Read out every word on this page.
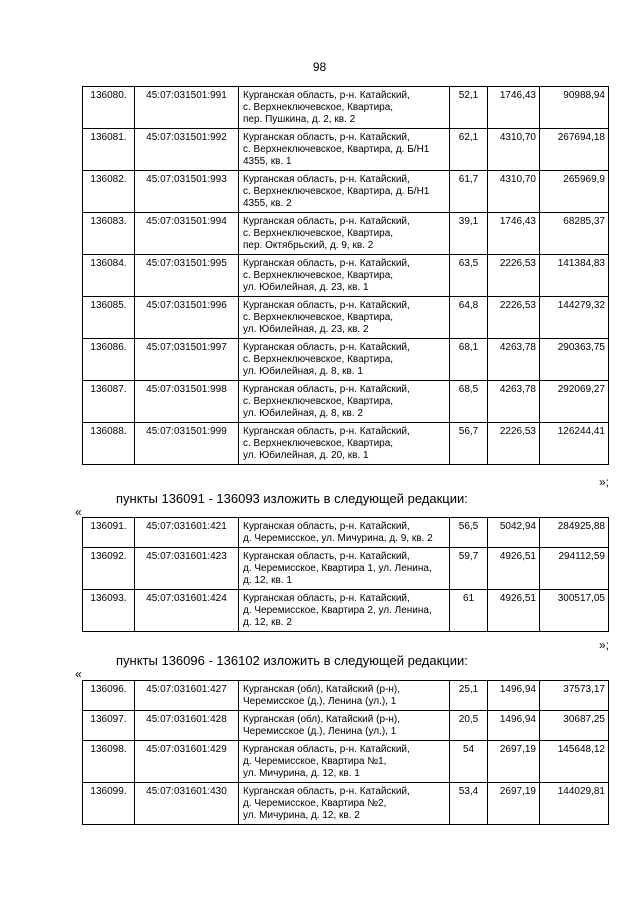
98
136080.	45:07:031501:991	Курганская область, р-н. Катайский,
с. Верхнеключевское, Квартира,
пер. Пушкина, д. 2, кв. 2	52,1	1746,43	90988,94
136081.	45:07:031501:992	Курганская область, р-н. Катайский,
с. Верхнеключевское, Квартира, д. Б/Н1
4355, кв. 1	62,1	4310,70	267694,18
136082.	45:07:031501:993	Курганская область, р-н. Катайский,
с. Верхнеключевское, Квартира, д. Б/Н1
4355, кв. 2	61,7	4310,70	265969,9
136083.	45:07:031501:994	Курганская область, р-н. Катайский,
с. Верхнеключевское, Квартира,
пер. Октябрьский, д. 9, кв. 2	39,1	1746,43	68285,37
136084.	45:07:031501:995	Курганская область, р-н. Катайский,
с. Верхнеключевское, Квартира,
ул. Юбилейная, д. 23, кв. 1	63,5	2226,53	141384,83
136085.	45:07:031501:996	Курганская область, р-н. Катайский,
с. Верхнеключевское, Квартира,
ул. Юбилейная, д. 23, кв. 2	64,8	2226,53	144279,32
136086.	45:07:031501:997	Курганская область, р-н. Катайский,
с. Верхнеключевское, Квартира,
ул. Юбилейная, д. 8, кв. 1	68,1	4263,78	290363,75
136087.	45:07:031501:998	Курганская область, р-н. Катайский,
с. Верхнеключевское, Квартира,
ул. Юбилейная, д. 8, кв. 2	68,5	4263,78	292069,27
136088.	45:07:031501:999	Курганская область, р-н. Катайский,
с. Верхнеключевское, Квартира,
ул. Юбилейная, д. 20, кв. 1	56,7	2226,53	126244,41
»;
пункты 136091 - 136093 изложить в следующей редакции:
«
136091.	45:07:031601:421	Курганская область, р-н. Катайский,
д. Черемисское, ул. Мичурина, д. 9, кв. 2	56,5	5042,94	284925,88
136092.	45:07:031601:423	Курганская область, р-н. Катайский,
д. Черемисское, Квартира 1, ул. Ленина,
д. 12, кв. 1	59,7	4926,51	294112,59
136093.	45:07:031601:424	Курганская область, р-н. Катайский,
д. Черемисское, Квартира 2, ул. Ленина,
д. 12, кв. 2	61	4926,51	300517,05
»;
пункты 136096 - 136102 изложить в следующей редакции:
«
136096.	45:07:031601:427	Курганская (обл), Катайский (р-н),
Черемисское (д.), Ленина (ул.), 1	25,1	1496,94	37573,17
136097.	45:07:031601:428	Курганская (обл), Катайский (р-н),
Черемисское (д.), Ленина (ул.), 1	20,5	1496,94	30687,25
136098.	45:07:031601:429	Курганская область, р-н. Катайский,
д. Черемисское, Квартира №1,
ул. Мичурина, д. 12, кв. 1	54	2697,19	145648,12
136099.	45:07:031601:430	Курганская область, р-н. Катайский,
д. Черемисское, Квартира №2,
ул. Мичурина, д. 12, кв. 2	53,4	2697,19	144029,81
